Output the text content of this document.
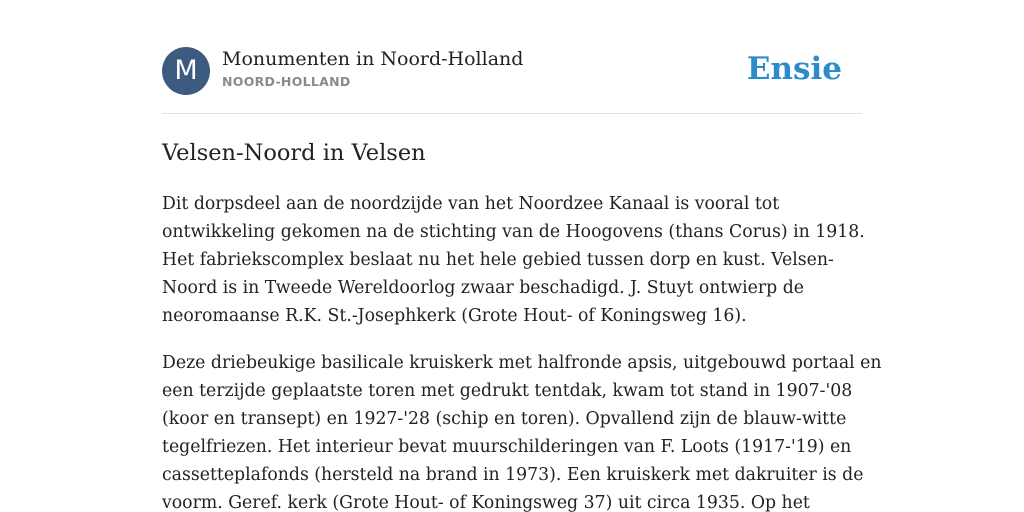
M	Monumenten in Noord-Holland
NOORD-HOLLAND	Ensie
Velsen-Noord in Velsen

Dit dorpsdeel aan de noordzijde van het Noordzee Kanaal is vooral tot
ontwikkeling gekomen na de stichting van de Hoogovens (thans Corus) in 1918.
Het fabriekscomplex beslaat nu het hele gebied tussen dorp en kust. Velsen-
Noord is in Tweede Wereldoorlog zwaar beschadigd. J. Stuyt ontwierp de
neoromaanse R.K. St.-Josephkerk (Grote Hout- of Koningsweg 16).

Deze driebeukige basilicale kruiskerk met halfronde apsis, uitgebouwd portaal en
een terzijde geplaatste toren met gedrukt tentdak, kwam tot stand in 1907-'08
(koor en transept) en 1927-'28 (schip en toren). Opvallend zijn de blauw-witte
tegelfriezen. Het interieur bevat muurschilderingen van F. Loots (1917-'19) en
cassetteplafonds (hersteld na brand in 1973). Een kruiskerk met dakruiter is de
voorm. Geref. kerk (Grote Hout- of Koningsweg 37) uit circa 1935. Op het
